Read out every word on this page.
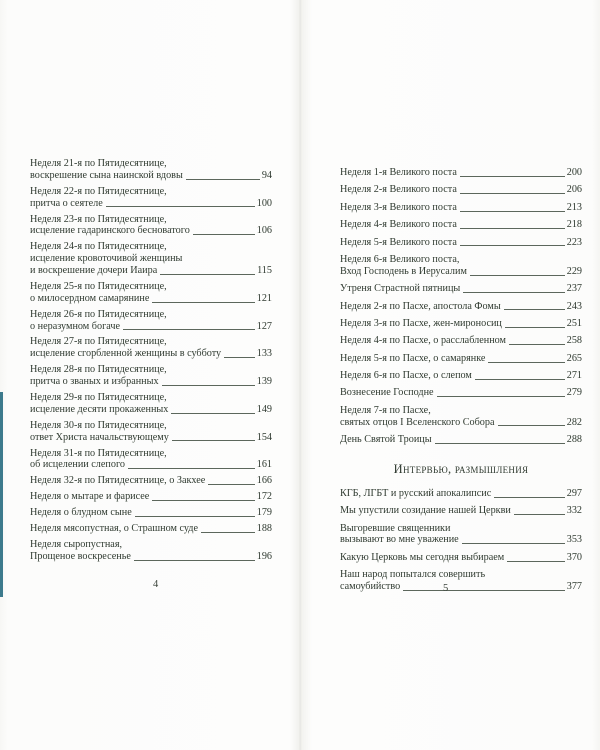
Неделя 21-я по Пятидесятнице,
воскрешение сына наинской вдовы	94
Неделя 22-я по Пятидесятнице,
притча о сеятеле	100
Неделя 23-я по Пятидесятнице,
исцеление гадаринского бесноватого	106
Неделя 24-я по Пятидесятнице,
исцеление кровоточивой женщины
и воскрешение дочери Иаира	115
Неделя 25-я по Пятидесятнице,
о милосердном самарянине	121
Неделя 26-я по Пятидесятнице,
о неразумном богаче	127
Неделя 27-я по Пятидесятнице,
исцеление сгорбленной женщины в субботу	133
Неделя 28-я по Пятидесятнице,
притча о званых и избранных	139
Неделя 29-я по Пятидесятнице,
исцеление десяти прокаженных	149
Неделя 30-я по Пятидесятнице,
ответ Христа начальствующему	154
Неделя 31-я по Пятидесятнице,
об исцелении слепого	161
Неделя 32-я по Пятидесятнице, о Закхее	166
Неделя о мытаре и фарисее	172
Неделя о блудном сыне	179
Неделя мясопустная, о Страшном суде	188
Неделя сыропустная,
Прощеное воскресенье	196
4
Неделя 1-я Великого поста	200
Неделя 2-я Великого поста	206
Неделя 3-я Великого поста	213
Неделя 4-я Великого поста	218
Неделя 5-я Великого поста	223
Неделя 6-я Великого поста,
Вход Господень в Иерусалим	229
Утреня Страстной пятницы	237
Неделя 2-я по Пасхе, апостола Фомы	243
Неделя 3-я по Пасхе, жен-мироносиц	251
Неделя 4-я по Пасхе, о расслабленном	258
Неделя 5-я по Пасхе, о самарянке	265
Неделя 6-я по Пасхе, о слепом	271
Вознесение Господне	279
Неделя 7-я по Пасхе,
святых отцов I Вселенского Собора	282
День Святой Троицы	288
Интервью, размышления
КГБ, ЛГБТ и русский апокалипсис	297
Мы упустили созидание нашей Церкви	332
Выгоревшие священники
вызывают во мне уважение	353
Какую Церковь мы сегодня выбираем	370
Наш народ попытался совершить
самоубийство	377
5
